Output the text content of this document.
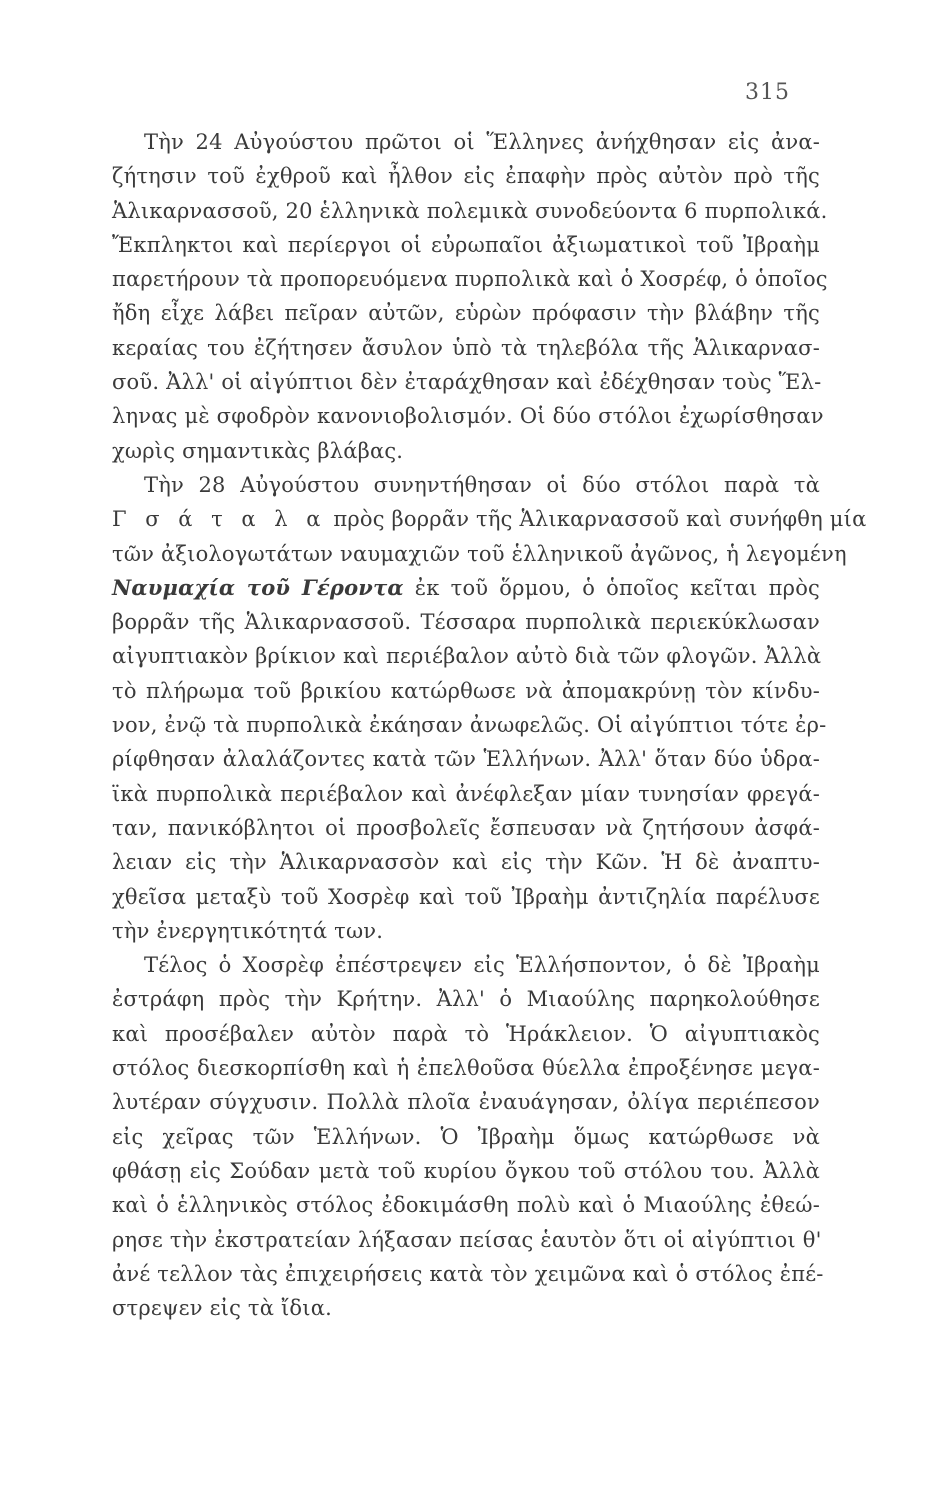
315
Τὴν 24 Αὐγούστου πρῶτοι οἱ Ἕλληνες ἀνήχθησαν εἰς ἀνα-
ζήτησιν τοῦ ἐχθροῦ καὶ ἦλθον εἰς ἐπαφὴν πρὸς αὐτὸν πρὸ τῆς
Ἁλικαρνασσοῦ, 20 ἑλληνικὰ πολεμικὰ συνοδεύοντα 6 πυρπολικά.
Ἔκπληκτοι καὶ περίεργοι οἱ εὐρωπαῖοι ἀξιωματικοὶ τοῦ Ἰβραὴμ
παρετήρουν τὰ προπορευόμενα πυρπολικὰ καὶ ὁ Χοσρέφ, ὁ ὁποῖος
ἤδη εἶχε λάβει πεῖραν αὐτῶν, εὑρὼν πρόφασιν τὴν βλάβην τῆς
κεραίας του ἐζήτησεν ἄσυλον ὑπὸ τὰ τηλεβόλα τῆς Ἁλικαρνασ-
σοῦ. Ἀλλ' οἱ αἰγύπτιοι δὲν ἐταράχθησαν καὶ ἐδέχθησαν τοὺς Ἕλ-
ληνας μὲ σφοδρὸν κανονιοβολισμόν. Οἱ δύο στόλοι ἐχωρίσθησαν
χωρὶς σημαντικὰς βλάβας.
Τὴν 28 Αὐγούστου συνηντήθησαν οἱ δύο στόλοι παρὰ τὰ
Γ σ ά τ α λ α πρὸς βορρᾶν τῆς Ἁλικαρνασσοῦ καὶ συνήφθη μία
τῶν ἀξιολογωτάτων ναυμαχιῶν τοῦ ἑλληνικοῦ ἀγῶνος, ἡ λεγομένη
Ναυμαχία τοῦ Γέροντα ἐκ τοῦ ὅρμου, ὁ ὁποῖος κεῖται πρὸς
βορρᾶν τῆς Ἁλικαρνασσοῦ. Τέσσαρα πυρπολικὰ περιεκύκλωσαν
αἰγυπτιακὸν βρίκιον καὶ περιέβαλον αὐτὸ διὰ τῶν φλογῶν. Ἀλλὰ
τὸ πλήρωμα τοῦ βρικίου κατώρθωσε νὰ ἀπομακρύνῃ τὸν κίνδυ-
νον, ἐνῷ τὰ πυρπολικὰ ἐκάησαν ἀνωφελῶς. Οἱ αἰγύπτιοι τότε ἐρ-
ρίφθησαν ἀλαλάζοντες κατὰ τῶν Ἑλλήνων. Ἀλλ' ὅταν δύο ὑδρα-
ϊκὰ πυρπολικὰ περιέβαλον καὶ ἀνέφλεξαν μίαν τυνησίαν φρεγά-
ταν, πανικόβλητοι οἱ προσβολεῖς ἔσπευσαν νὰ ζητήσουν ἀσφά-
λειαν εἰς τὴν Ἁλικαρνασσὸν καὶ εἰς τὴν Κῶν. Ἡ δὲ ἀναπτυ-
χθεῖσα μεταξὺ τοῦ Χοσρὲφ καὶ τοῦ Ἰβραὴμ ἀντιζηλία παρέλυσε
τὴν ἐνεργητικότητά των.
Τέλος ὁ Χοσρὲφ ἐπέστρεψεν εἰς Ἑλλήσποντον, ὁ δὲ Ἰβραὴμ
ἐστράφη πρὸς τὴν Κρήτην. Ἀλλ' ὁ Μιαούλης παρηκολούθησε
καὶ προσέβαλεν αὐτὸν παρὰ τὸ Ἡράκλειον. Ὁ αἰγυπτιακὸς
στόλος διεσκορπίσθη καὶ ἡ ἐπελθοῦσα θύελλα ἐπροξένησε μεγα-
λυτέραν σύγχυσιν. Πολλὰ πλοῖα ἐναυάγησαν, ὀλίγα περιέπεσον
εἰς χεῖρας τῶν Ἑλλήνων. Ὁ Ἰβραὴμ ὅμως κατώρθωσε νὰ
φθάσῃ εἰς Σούδαν μετὰ τοῦ κυρίου ὄγκου τοῦ στόλου του. Ἀλλὰ
καὶ ὁ ἑλληνικὸς στόλος ἐδοκιμάσθη πολὺ καὶ ὁ Μιαούλης ἐθεώ-
ρησε τὴν ἐκστρατείαν λήξασαν πείσας ἑαυτὸν ὅτι οἱ αἰγύπτιοι θ'
ἀνέ τελλον τὰς ἐπιχειρήσεις κατὰ τὸν χειμῶνα καὶ ὁ στόλος ἐπέ-
στρεψεν εἰς τὰ ἴδια.
